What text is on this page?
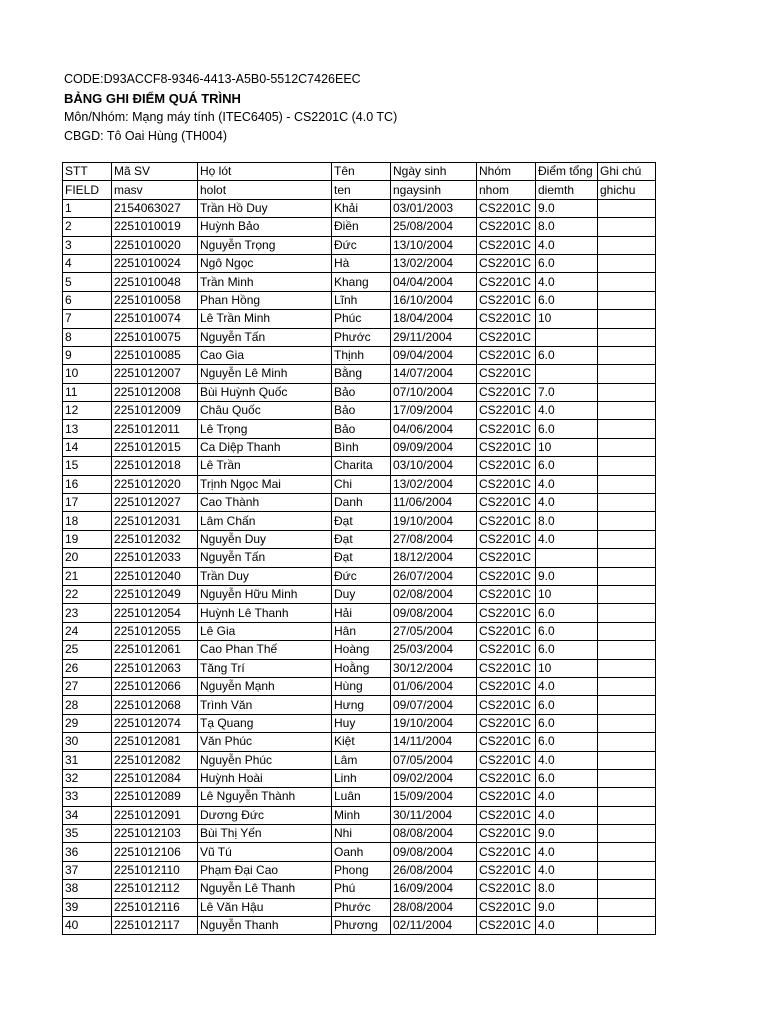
CODE:D93ACCF8-9346-4413-A5B0-5512C7426EEC
BẢNG GHI ĐIỂM QUÁ TRÌNH
Môn/Nhóm: Mạng máy tính (ITEC6405) - CS2201C (4.0 TC)
CBGD: Tô Oai Hùng (TH004)
STT	Mã SV	Họ lót	Tên	Ngày sinh	Nhóm	Điểm tổng	Ghi chú
FIELD	masv	holot	ten	ngaysinh	nhom	diemth	ghichu
1	2154063027	Trần Hồ Duy	Khải	03/01/2003	CS2201C	9.0	
2	2251010019	Huỳnh Bảo	Điền	25/08/2004	CS2201C	8.0	
3	2251010020	Nguyễn Trọng	Đức	13/10/2004	CS2201C	4.0	
4	2251010024	Ngô Ngọc	Hà	13/02/2004	CS2201C	6.0	
5	2251010048	Trần Minh	Khang	04/04/2004	CS2201C	4.0	
6	2251010058	Phan Hồng	Lĩnh	16/10/2004	CS2201C	6.0	
7	2251010074	Lê Trần Minh	Phúc	18/04/2004	CS2201C	10	
8	2251010075	Nguyễn Tấn	Phước	29/11/2004	CS2201C		
9	2251010085	Cao Gia	Thịnh	09/04/2004	CS2201C	6.0	
10	2251012007	Nguyễn Lê Minh	Bằng	14/07/2004	CS2201C		
11	2251012008	Bùi Huỳnh Quốc	Bảo	07/10/2004	CS2201C	7.0	
12	2251012009	Châu Quốc	Bảo	17/09/2004	CS2201C	4.0	
13	2251012011	Lê Trọng	Bảo	04/06/2004	CS2201C	6.0	
14	2251012015	Ca Diệp Thanh	Bình	09/09/2004	CS2201C	10	
15	2251012018	Lê Trần	Charita	03/10/2004	CS2201C	6.0	
16	2251012020	Trịnh Ngọc Mai	Chi	13/02/2004	CS2201C	4.0	
17	2251012027	Cao Thành	Danh	11/06/2004	CS2201C	4.0	
18	2251012031	Lâm Chấn	Đạt	19/10/2004	CS2201C	8.0	
19	2251012032	Nguyễn Duy	Đạt	27/08/2004	CS2201C	4.0	
20	2251012033	Nguyễn Tấn	Đạt	18/12/2004	CS2201C		
21	2251012040	Trần Duy	Đức	26/07/2004	CS2201C	9.0	
22	2251012049	Nguyễn Hữu Minh	Duy	02/08/2004	CS2201C	10	
23	2251012054	Huỳnh Lê Thanh	Hải	09/08/2004	CS2201C	6.0	
24	2251012055	Lê Gia	Hân	27/05/2004	CS2201C	6.0	
25	2251012061	Cao Phan Thế	Hoàng	25/03/2004	CS2201C	6.0	
26	2251012063	Tăng Trí	Hoằng	30/12/2004	CS2201C	10	
27	2251012066	Nguyễn Mạnh	Hùng	01/06/2004	CS2201C	4.0	
28	2251012068	Trình Văn	Hưng	09/07/2004	CS2201C	6.0	
29	2251012074	Tạ Quang	Huy	19/10/2004	CS2201C	6.0	
30	2251012081	Văn Phúc	Kiệt	14/11/2004	CS2201C	6.0	
31	2251012082	Nguyễn Phúc	Lâm	07/05/2004	CS2201C	4.0	
32	2251012084	Huỳnh Hoài	Linh	09/02/2004	CS2201C	6.0	
33	2251012089	Lê Nguyễn Thành	Luân	15/09/2004	CS2201C	4.0	
34	2251012091	Dương Đức	Minh	30/11/2004	CS2201C	4.0	
35	2251012103	Bùi Thị Yến	Nhi	08/08/2004	CS2201C	9.0	
36	2251012106	Vũ Tú	Oanh	09/08/2004	CS2201C	4.0	
37	2251012110	Phạm Đại Cao	Phong	26/08/2004	CS2201C	4.0	
38	2251012112	Nguyễn Lê Thanh	Phú	16/09/2004	CS2201C	8.0	
39	2251012116	Lê Văn Hậu	Phước	28/08/2004	CS2201C	9.0	
40	2251012117	Nguyễn Thanh	Phương	02/11/2004	CS2201C	4.0	
